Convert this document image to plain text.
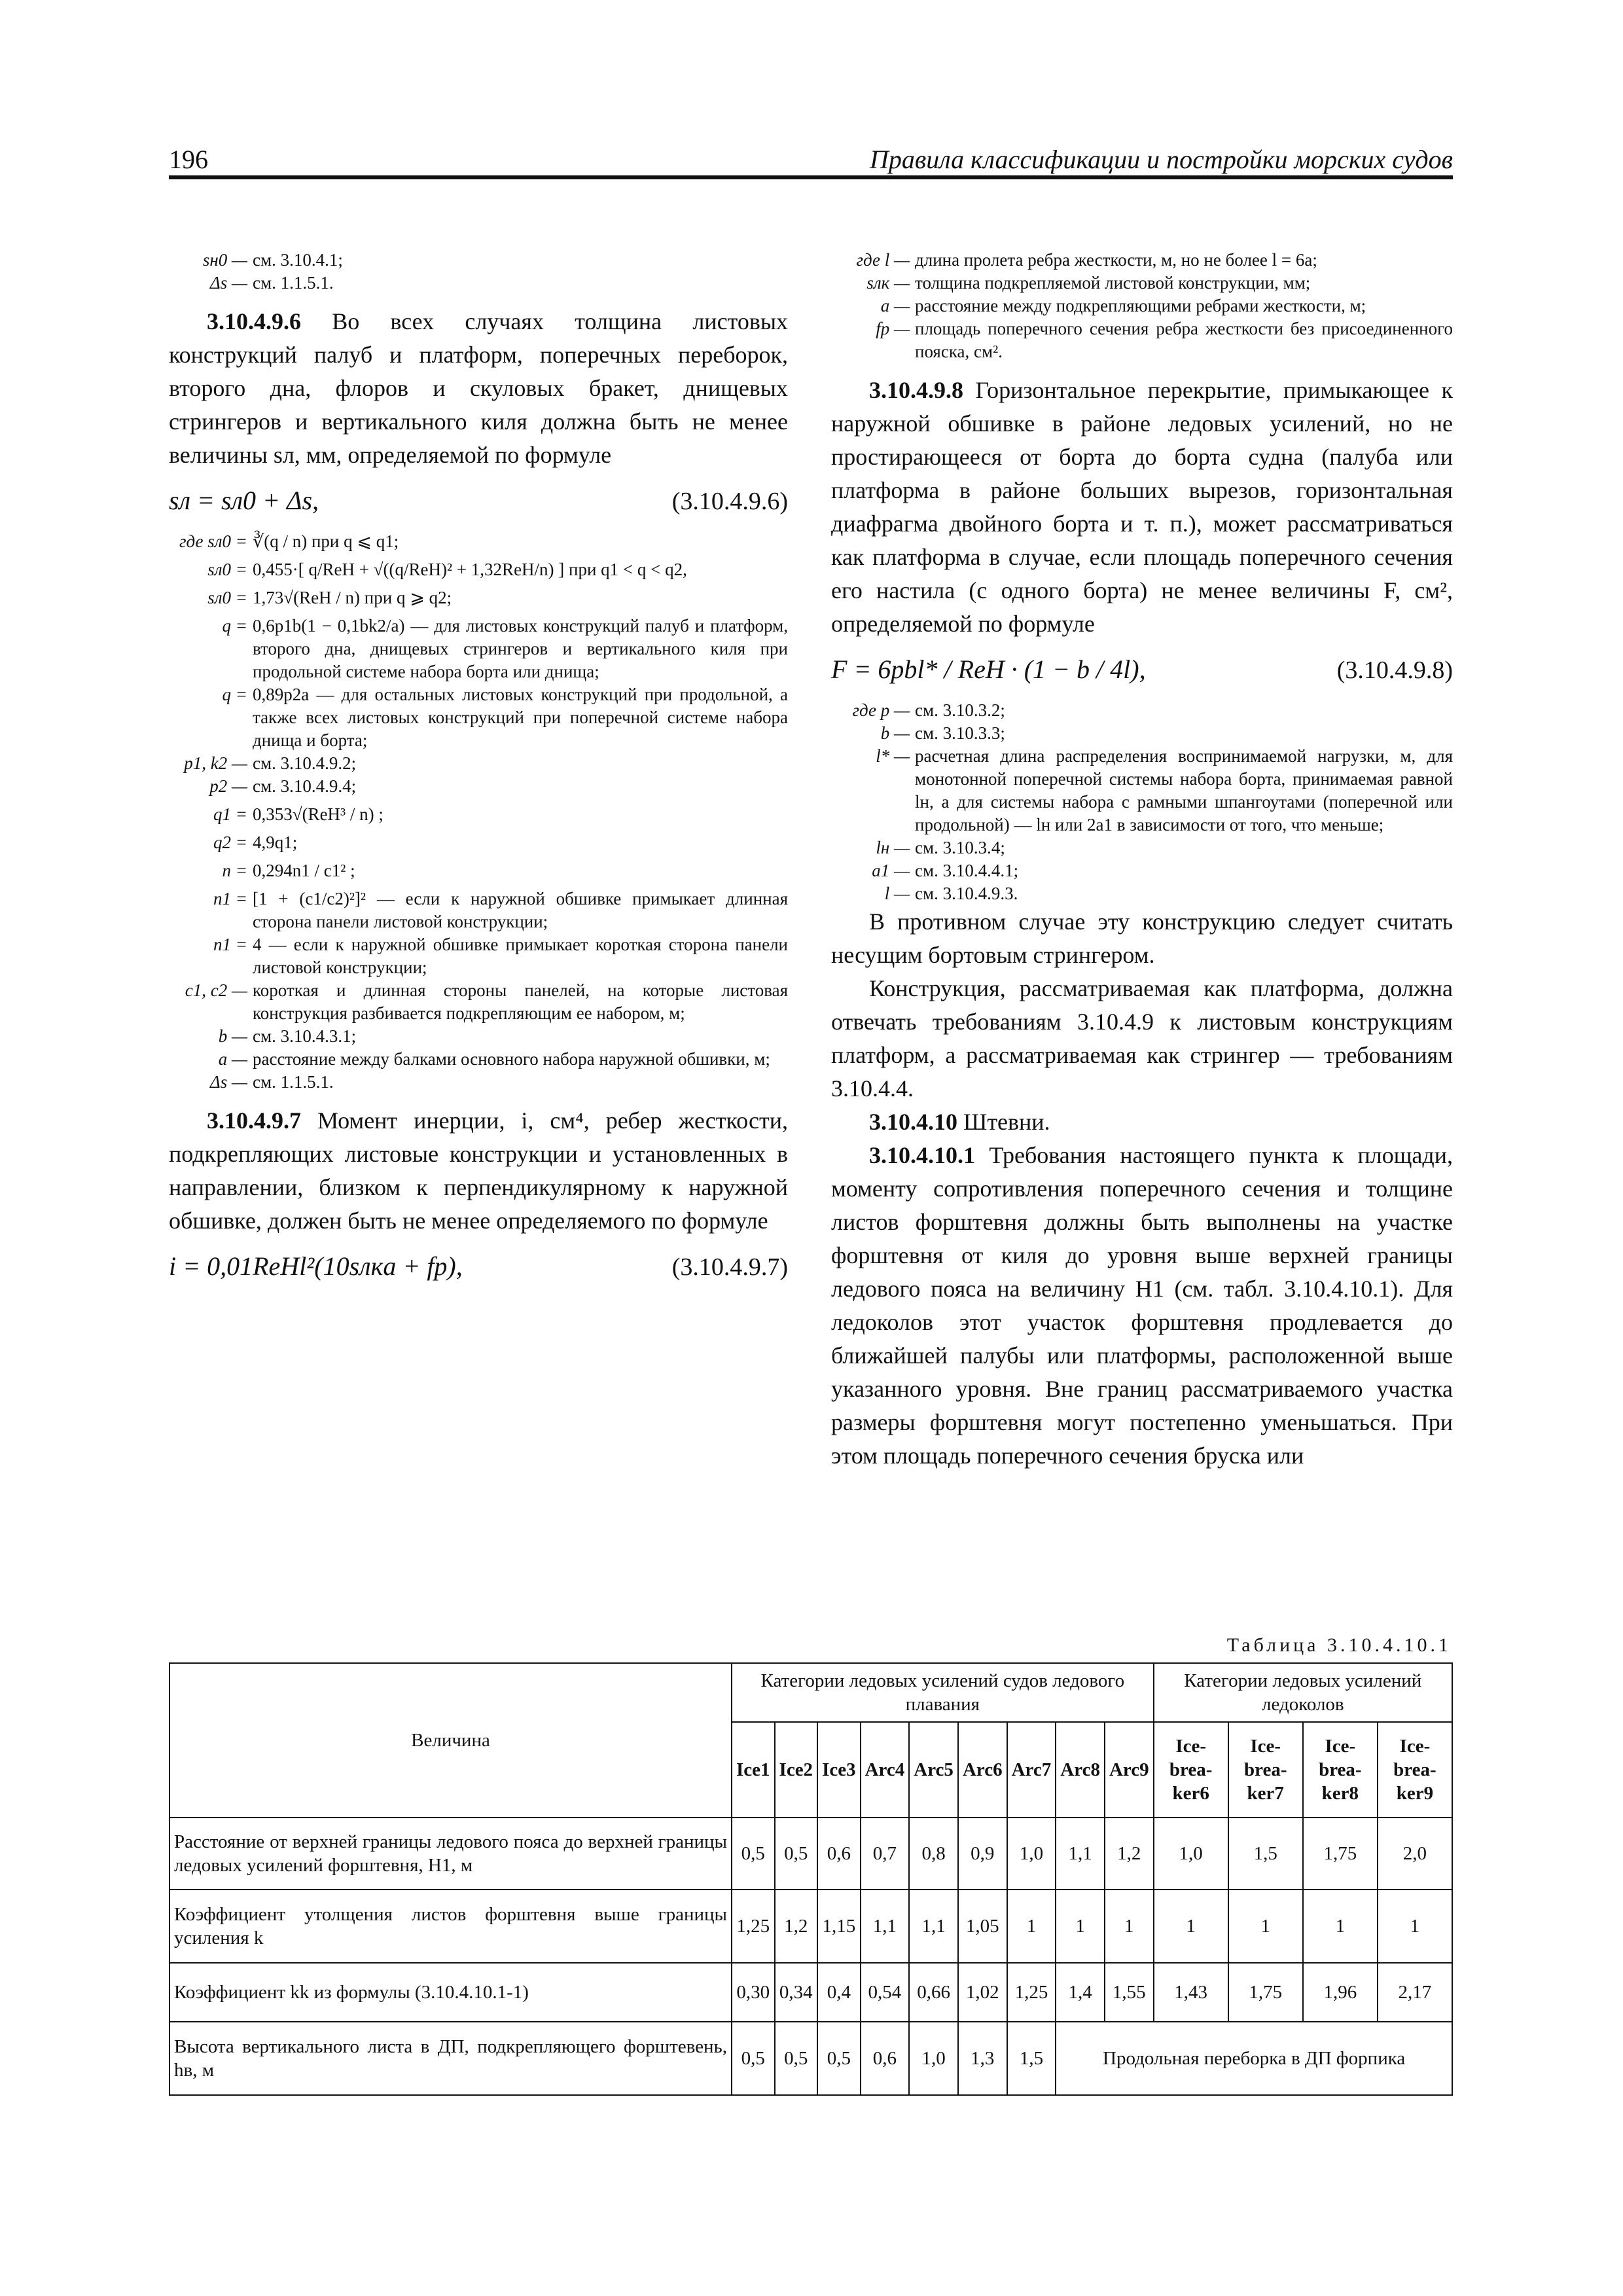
196	Правила классификации и постройки морских судов
sн0 — см. 3.10.4.1;
Δs — см. 1.1.5.1.

3.10.4.9.6 Во всех случаях толщина листовых конструкций палуб и платформ, поперечных переборок, второго дна, флоров и скуловых бракет, днищевых стрингеров и вертикального киля должна быть не менее величины sл, мм, определяемой по формуле

sл = sл0 + Δs,	(3.10.4.9.6)
где sл0 = ∛(q / n) при q ⩽ q1;
sл0 = 0,455·[ q/ReH + √((q/ReH)² + 1,32ReH/n) ] при q1 < q < q2,
sл0 = 1,73√(ReH / n) при q ⩾ q2;
q = 0,6p1b(1 − 0,1bk2/a) — для листовых конструкций палуб и платформ, второго дна, днищевых стрингеров и вертикального киля при продольной системе набора борта или днища;
q = 0,89p2a — для остальных листовых конструкций при продольной, а также всех листовых конструкций при поперечной системе набора днища и борта;
p1, k2 — см. 3.10.4.9.2;
p2 — см. 3.10.4.9.4;
q1 = 0,353√(ReH³ / n) ;
q2 = 4,9q1;
n = 0,294n1 / c1² ;
n1 = [1 + (c1/c2)²]² — если к наружной обшивке примыкает длинная сторона панели листовой конструкции;
n1 = 4 — если к наружной обшивке примыкает короткая сторона панели листовой конструкции;
c1, c2 — короткая и длинная стороны панелей, на которые листовая конструкция разбивается подкрепляющим ее набором, м;
b — см. 3.10.4.3.1;
a — расстояние между балками основного набора наружной обшивки, м;
Δs — см. 1.1.5.1.

3.10.4.9.7 Момент инерции, i, см⁴, ребер жесткости, подкрепляющих листовые конструкции и установленных в направлении, близком к перпендикулярному к наружной обшивке, должен быть не менее определяемого по формуле

i = 0,01ReHl²(10sлкa + fр),	(3.10.4.9.7)
где l — длина пролета ребра жесткости, м, но не более l = 6a;
sлк — толщина подкрепляемой листовой конструкции, мм;
a — расстояние между подкрепляющими ребрами жесткости, м;
fр — площадь поперечного сечения ребра жесткости без присоединенного пояска, см².

3.10.4.9.8 Горизонтальное перекрытие, примыкающее к наружной обшивке в районе ледовых усилений, но не простирающееся от борта до борта судна (палуба или платформа в районе больших вырезов, горизонтальная диафрагма двойного борта и т. п.), может рассматриваться как платформа в случае, если площадь поперечного сечения его настила (с одного борта) не менее величины F, см², определяемой по формуле

F = 6pbl* / ReH · (1 − b / 4l),	(3.10.4.9.8)
где p — см. 3.10.3.2;
b — см. 3.10.3.3;
l* — расчетная длина распределения воспринимаемой нагрузки, м, для монотонной поперечной системы набора борта, принимаемая равной lн, а для системы набора с рамными шпангоутами (поперечной или продольной) — lн или 2a1 в зависимости от того, что меньше;
lн — см. 3.10.3.4;
a1 — см. 3.10.4.4.1;
l — см. 3.10.4.9.3.

В противном случае эту конструкцию следует считать несущим бортовым стрингером.

Конструкция, рассматриваемая как платформа, должна отвечать требованиям 3.10.4.9 к листовым конструкциям платформ, а рассматриваемая как стрингер — требованиям 3.10.4.4.

3.10.4.10 Штевни.

3.10.4.10.1 Требования настоящего пункта к площади, моменту сопротивления поперечного сечения и толщине листов форштевня должны быть выполнены на участке форштевня от киля до уровня выше верхней границы ледового пояса на величину H1 (см. табл. 3.10.4.10.1). Для ледоколов этот участок форштевня продлевается до ближайшей палубы или платформы, расположенной выше указанного уровня. Вне границ рассматриваемого участка размеры форштевня могут постепенно уменьшаться. При этом площадь поперечного сечения бруска или

Таблица 3.10.4.10.1
Величина	Категории ледовых усилений судов ледового плавания									Категории ледовых усилений ледоколов			
	Ice1	Ice2	Ice3	Arc4	Arc5	Arc6	Arc7	Arc8	Arc9	Ice-brea-ker6	Ice-brea-ker7	Ice-brea-ker8	Ice-brea-ker9
Расстояние от верхней границы ледового пояса до верхней границы ледовых усилений форштевня, H1, м	0,5	0,5	0,6	0,7	0,8	0,9	1,0	1,1	1,2	1,0	1,5	1,75	2,0
Коэффициент утолщения листов форштевня выше границы усиления k	1,25	1,2	1,15	1,1	1,1	1,05	1	1	1	1	1	1	1
Коэффициент kk из формулы (3.10.4.10.1-1)	0,30	0,34	0,4	0,54	0,66	1,02	1,25	1,4	1,55	1,43	1,75	1,96	2,17
Высота вертикального листа в ДП, подкрепляющего форштевень, hв, м	0,5	0,5	0,5	0,6	1,0	1,3	1,5	Продольная переборка в ДП форпика					
